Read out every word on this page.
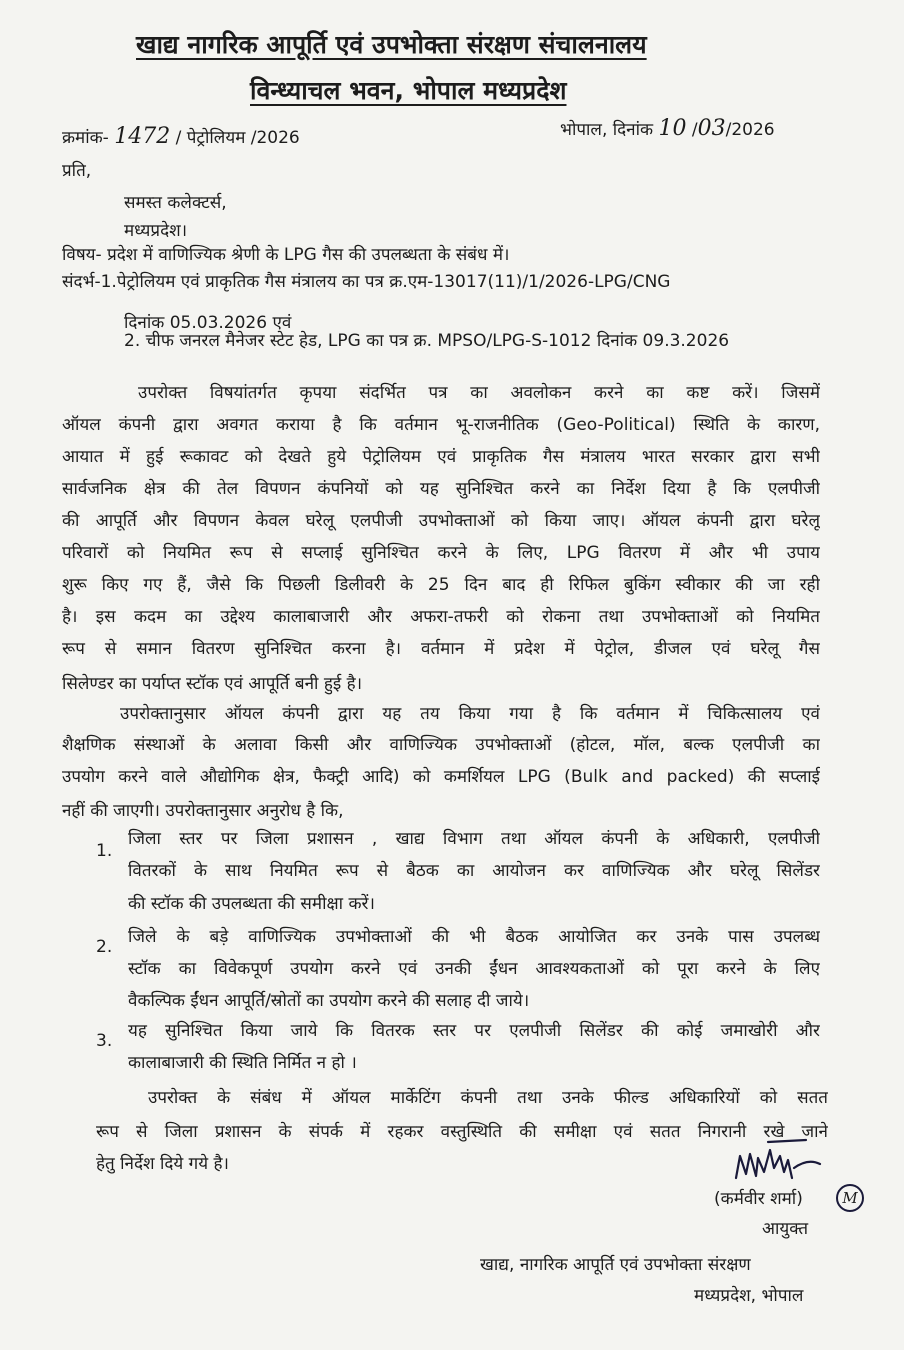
खाद्य नागरिक आपूर्ति एवं उपभोक्ता संरक्षण संचालनालय
विन्ध्याचल भवन, भोपाल मध्यप्रदेश
क्रमांक- 1472 / पेट्रोलियम /2026	भोपाल, दिनांक 10 /03/2026
प्रति,
समस्त कलेक्टर्स,
मध्यप्रदेश।
विषय- प्रदेश में वाणिज्यिक श्रेणी के LPG गैस की उपलब्धता के संबंध में।
संदर्भ-1.पेट्रोलियम एवं प्राकृतिक गैस मंत्रालय का पत्र क्र.एम-13017(11)/1/2026-LPG/CNG
दिनांक 05.03.2026 एवं
2. चीफ जनरल मैनेजर स्टेट हेड, LPG का पत्र क्र. MPSO/LPG-S-1012 दिनांक 09.3.2026
उपरोक्त विषयांतर्गत कृपया संदर्भित पत्र का अवलोकन करने का कष्ट करें। जिसमें
ऑयल कंपनी द्वारा अवगत कराया है कि वर्तमान भू-राजनीतिक (Geo-Political) स्थिति के कारण,
आयात में हुई रूकावट को देखते हुये पेट्रोलियम एवं प्राकृतिक गैस मंत्रालय भारत सरकार द्वारा सभी
सार्वजनिक क्षेत्र की तेल विपणन कंपनियों को यह सुनिश्चित करने का निर्देश दिया है कि एलपीजी
की आपूर्ति और विपणन केवल घरेलू एलपीजी उपभोक्ताओं को किया जाए। ऑयल कंपनी द्वारा घरेलू
परिवारों को नियमित रूप से सप्लाई सुनिश्चित करने के लिए, LPG वितरण में और भी उपाय
शुरू किए गए हैं, जैसे कि पिछली डिलीवरी के 25 दिन बाद ही रिफिल बुकिंग स्वीकार की जा रही
है। इस कदम का उद्देश्य कालाबाजारी और अफरा-तफरी को रोकना तथा उपभोक्ताओं को नियमित
रूप से समान वितरण सुनिश्चित करना है। वर्तमान में प्रदेश में पेट्रोल, डीजल एवं घरेलू गैस
सिलेण्डर का पर्याप्त स्टॉक एवं आपूर्ति बनी हुई है।
उपरोक्तानुसार ऑयल कंपनी द्वारा यह तय किया गया है कि वर्तमान में चिकित्सालय एवं
शैक्षणिक संस्थाओं के अलावा किसी और वाणिज्यिक उपभोक्ताओं (होटल, मॉल, बल्क एलपीजी का
उपयोग करने वाले औद्योगिक क्षेत्र, फैक्ट्री आदि) को कमर्शियल LPG (Bulk and packed) की सप्लाई
नहीं की जाएगी। उपरोक्तानुसार अनुरोध है कि,
1.
जिला स्तर पर जिला प्रशासन , खाद्य विभाग तथा ऑयल कंपनी के अधिकारी, एलपीजी
वितरकों के साथ नियमित रूप से बैठक का आयोजन कर वाणिज्यिक और घरेलू सिलेंडर
की स्टॉक की उपलब्धता की समीक्षा करें।
2. जिले के बड़े वाणिज्यिक उपभोक्ताओं की भी बैठक आयोजित कर उनके पास उपलब्ध
स्टॉक का विवेकपूर्ण उपयोग करने एवं उनकी ईंधन आवश्यकताओं को पूरा करने के लिए
वैकल्पिक ईंधन आपूर्ति/स्रोतों का उपयोग करने की सलाह दी जाये।
3. यह सुनिश्चित किया जाये कि वितरक स्तर पर एलपीजी सिलेंडर की कोई जमाखोरी और
कालाबाजारी की स्थिति निर्मित न हो ।
उपरोक्त के संबंध में ऑयल मार्केटिंग कंपनी तथा उनके फील्ड अधिकारियों को सतत
रूप से जिला प्रशासन के संपर्क में रहकर वस्तुस्थिति की समीक्षा एवं सतत निगरानी रखे जाने
हेतु निर्देश दिये गये है।
(कर्मवीर शर्मा)	M
आयुक्त
खाद्य, नागरिक आपूर्ति एवं उपभोक्ता संरक्षण
मध्यप्रदेश, भोपाल
